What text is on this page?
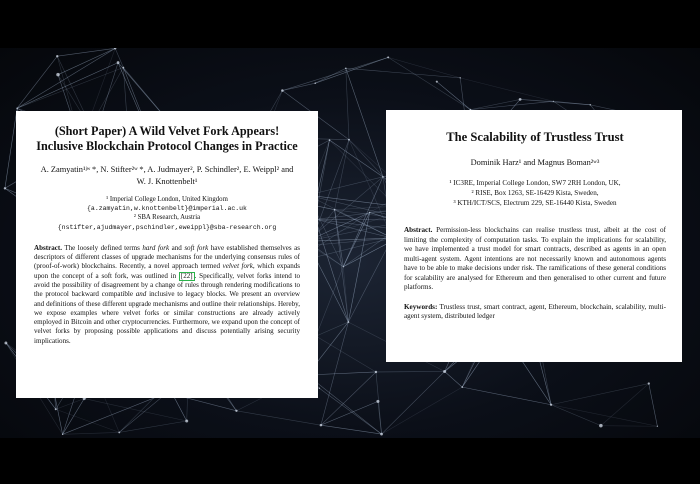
(Short Paper) A Wild Velvet Fork Appears!
Inclusive Blockchain Protocol Changes in Practice

A. Zamyatin¹ʲʷ *, N. Stifter²ʷ *, A. Judmayer², P. Schindler², E. Weippl² and
W. J. Knottenbelt¹
¹ Imperial College London, United Kingdom
{a.zamyatin,w.knottenbelt}@imperial.ac.uk
² SBA Research, Austria
{nstifter,ajudmayer,pschindler,eweippl}@sba-research.org
Abstract. The loosely defined terms hard fork and soft fork have established themselves as descriptors of different classes of upgrade mechanisms for the underlying consensus rules of (proof-of-work) blockchains. Recently, a novel approach termed velvet fork, which expands upon the concept of a soft fork, was outlined in [22] . Specifically, velvet forks intend to avoid the possibility of disagreement by a change of rules through rendering modifications to the protocol backward compatible and inclusive to legacy blocks. We present an overview and definitions of these different upgrade mechanisms and outline their relationships. Hereby, we expose examples where velvet forks or similar constructions are already actively employed in Bitcoin and other cryptocurrencies. Furthermore, we expand upon the concept of velvet forks by proposing possible applications and discuss potentially arising security implications.

The Scalability of Trustless Trust

Dominik Harz¹ and Magnus Boman²ʷ³
¹ IC3RE, Imperial College London, SW7 2RH London, UK,
² RISE, Box 1263, SE-16429 Kista, Sweden,
³ KTH/ICT/SCS, Electrum 229, SE-16440 Kista, Sweden
Abstract. Permission-less blockchains can realise trustless trust, albeit at the cost of limiting the complexity of computation tasks. To explain the implications for scalability, we have implemented a trust model for smart contracts, described as agents in an open multi-agent system. Agent intentions are not necessarily known and autonomous agents have to be able to make decisions under risk. The ramifications of these general conditions for scalability are analysed for Ethereum and then generalised to other current and future platforms.
Keywords: Trustless trust, smart contract, agent, Ethereum, blockchain, scalability, multi-agent system, distributed ledger
